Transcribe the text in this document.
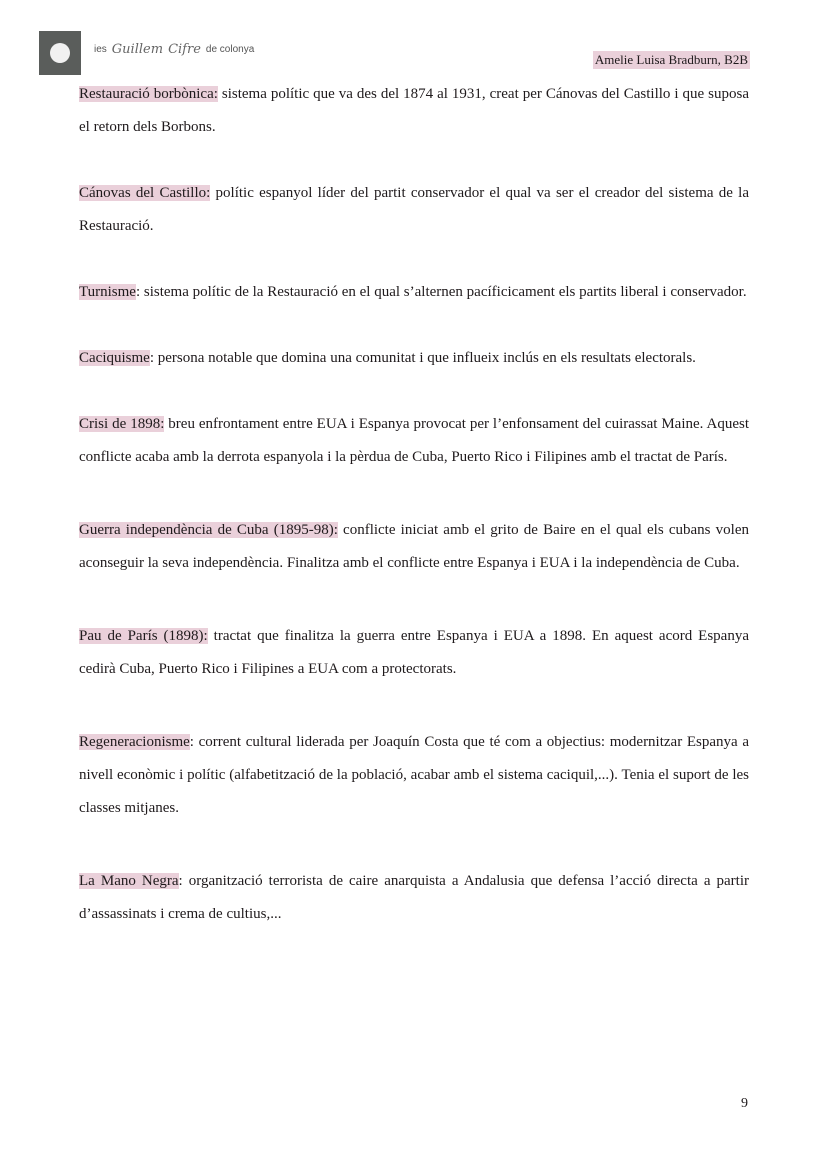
ies Guillem Cifre de colonya
Amelie Luisa Bradburn, B2B

Restauració borbònica: sistema polític que va des del 1874 al 1931, creat per Cánovas del Castillo i que suposa el retorn dels Borbons.

Cánovas del Castillo: polític espanyol líder del partit conservador el qual va ser el creador del sistema de la Restauració.

Turnisme: sistema polític de la Restauració en el qual s’alternen pacíficicament els partits liberal i conservador.

Caciquisme: persona notable que domina una comunitat i que influeix inclús en els resultats electorals.

Crisi de 1898: breu enfrontament entre EUA i Espanya provocat per l’enfonsament del cuirassat Maine. Aquest conflicte acaba amb la derrota espanyola i la pèrdua de Cuba, Puerto Rico i Filipines amb el tractat de París.

Guerra independència de Cuba (1895-98): conflicte iniciat amb el grito de Baire en el qual els cubans volen aconseguir la seva independència. Finalitza amb el conflicte entre Espanya i EUA i la independència de Cuba.

Pau de París (1898): tractat que finalitza la guerra entre Espanya i EUA a 1898. En aquest acord Espanya cedirà Cuba, Puerto Rico i Filipines a EUA com a protectorats.

Regeneracionisme: corrent cultural liderada per Joaquín Costa que té com a objectius: modernitzar Espanya a nivell econòmic i polític (alfabetització de la població, acabar amb el sistema caciquil,...). Tenia el suport de les classes mitjanes.

La Mano Negra: organització terrorista de caire anarquista a Andalusia que defensa l’acció directa a partir d’assassinats i crema de cultius,...

9
